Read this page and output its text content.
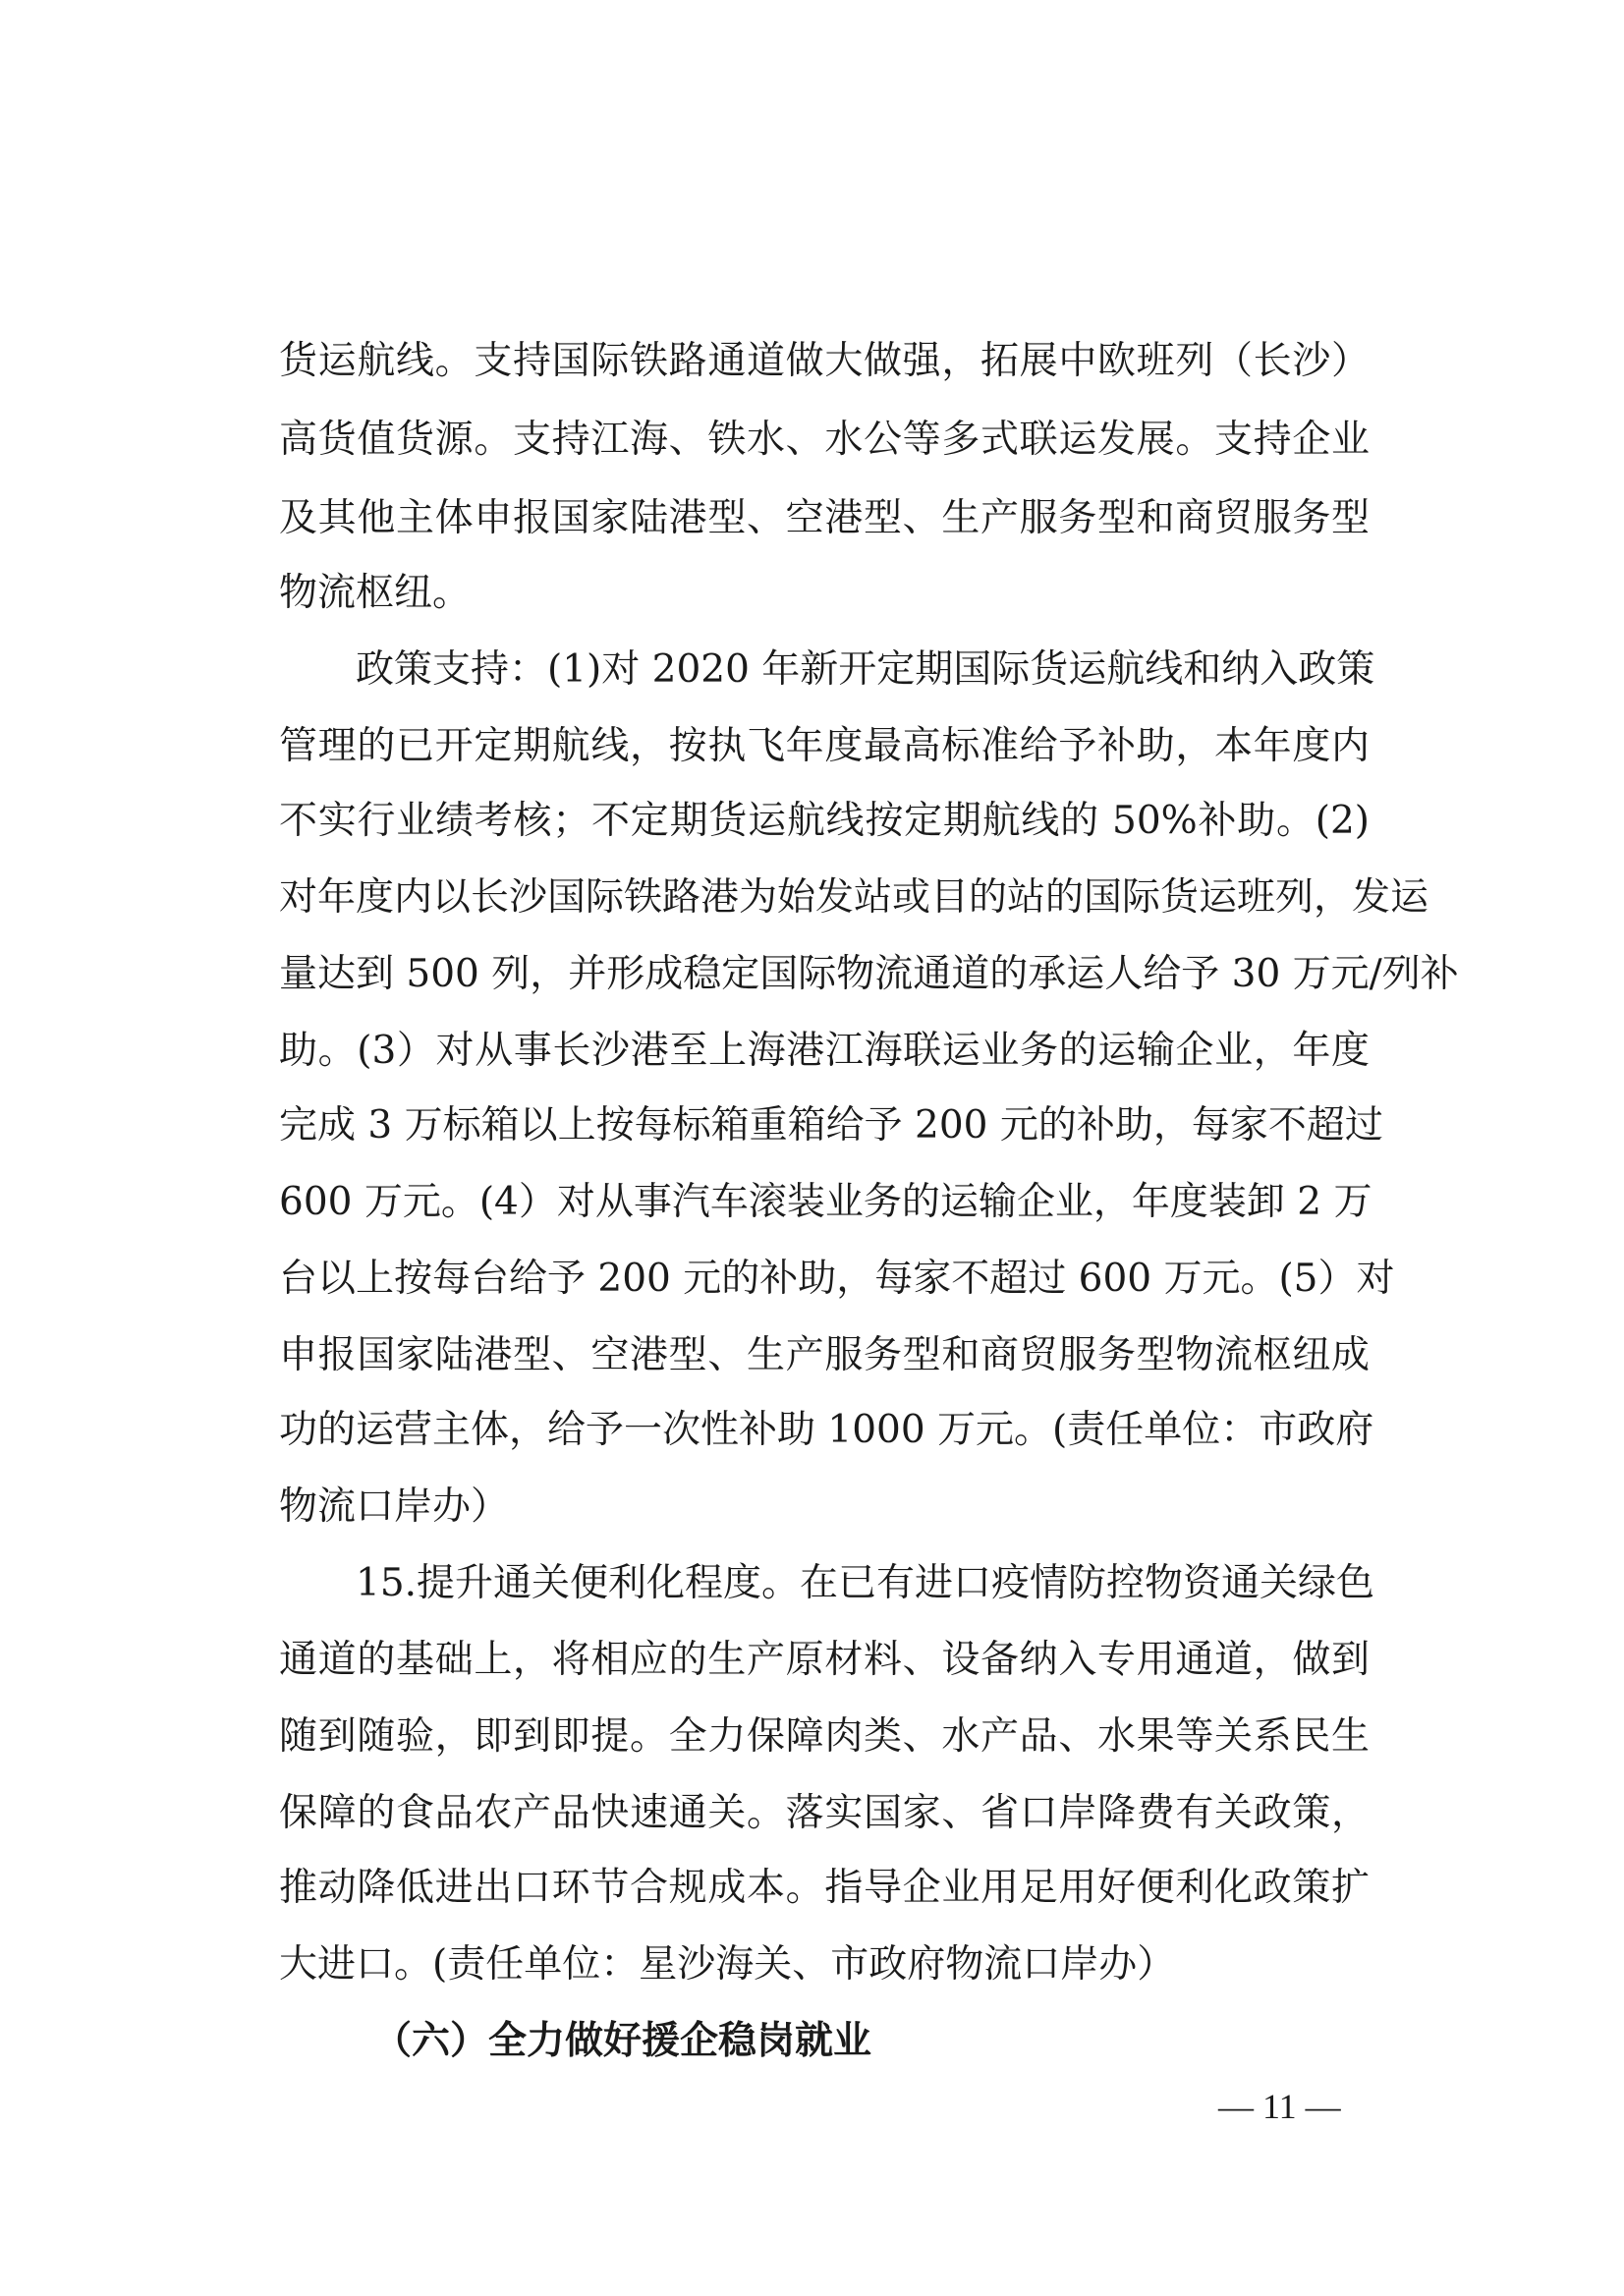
货运航线。支持国际铁路通道做大做强，拓展中欧班列（长沙）
高货值货源。支持江海、铁水、水公等多式联运发展。支持企业
及其他主体申报国家陆港型、空港型、生产服务型和商贸服务型
物流枢纽。
政策支持：(1)对 2020 年新开定期国际货运航线和纳入政策
管理的已开定期航线，按执飞年度最高标准给予补助，本年度内
不实行业绩考核；不定期货运航线按定期航线的 50%补助。(2)
对年度内以长沙国际铁路港为始发站或目的站的国际货运班列，发运
量达到 500 列，并形成稳定国际物流通道的承运人给予 30 万元/列补
助。(3）对从事长沙港至上海港江海联运业务的运输企业，年度
完成 3 万标箱以上按每标箱重箱给予 200 元的补助，每家不超过
600 万元。(4）对从事汽车滚装业务的运输企业，年度装卸 2 万
台以上按每台给予 200 元的补助，每家不超过 600 万元。(5）对
申报国家陆港型、空港型、生产服务型和商贸服务型物流枢纽成
功的运营主体，给予一次性补助 1000 万元。(责任单位：市政府
物流口岸办）
15.提升通关便利化程度。在已有进口疫情防控物资通关绿色
通道的基础上，将相应的生产原材料、设备纳入专用通道，做到
随到随验，即到即提。全力保障肉类、水产品、水果等关系民生
保障的食品农产品快速通关。落实国家、省口岸降费有关政策，
推动降低进出口环节合规成本。指导企业用足用好便利化政策扩
大进口。(责任单位：星沙海关、市政府物流口岸办）
（六）全力做好援企稳岗就业
— 11 —
